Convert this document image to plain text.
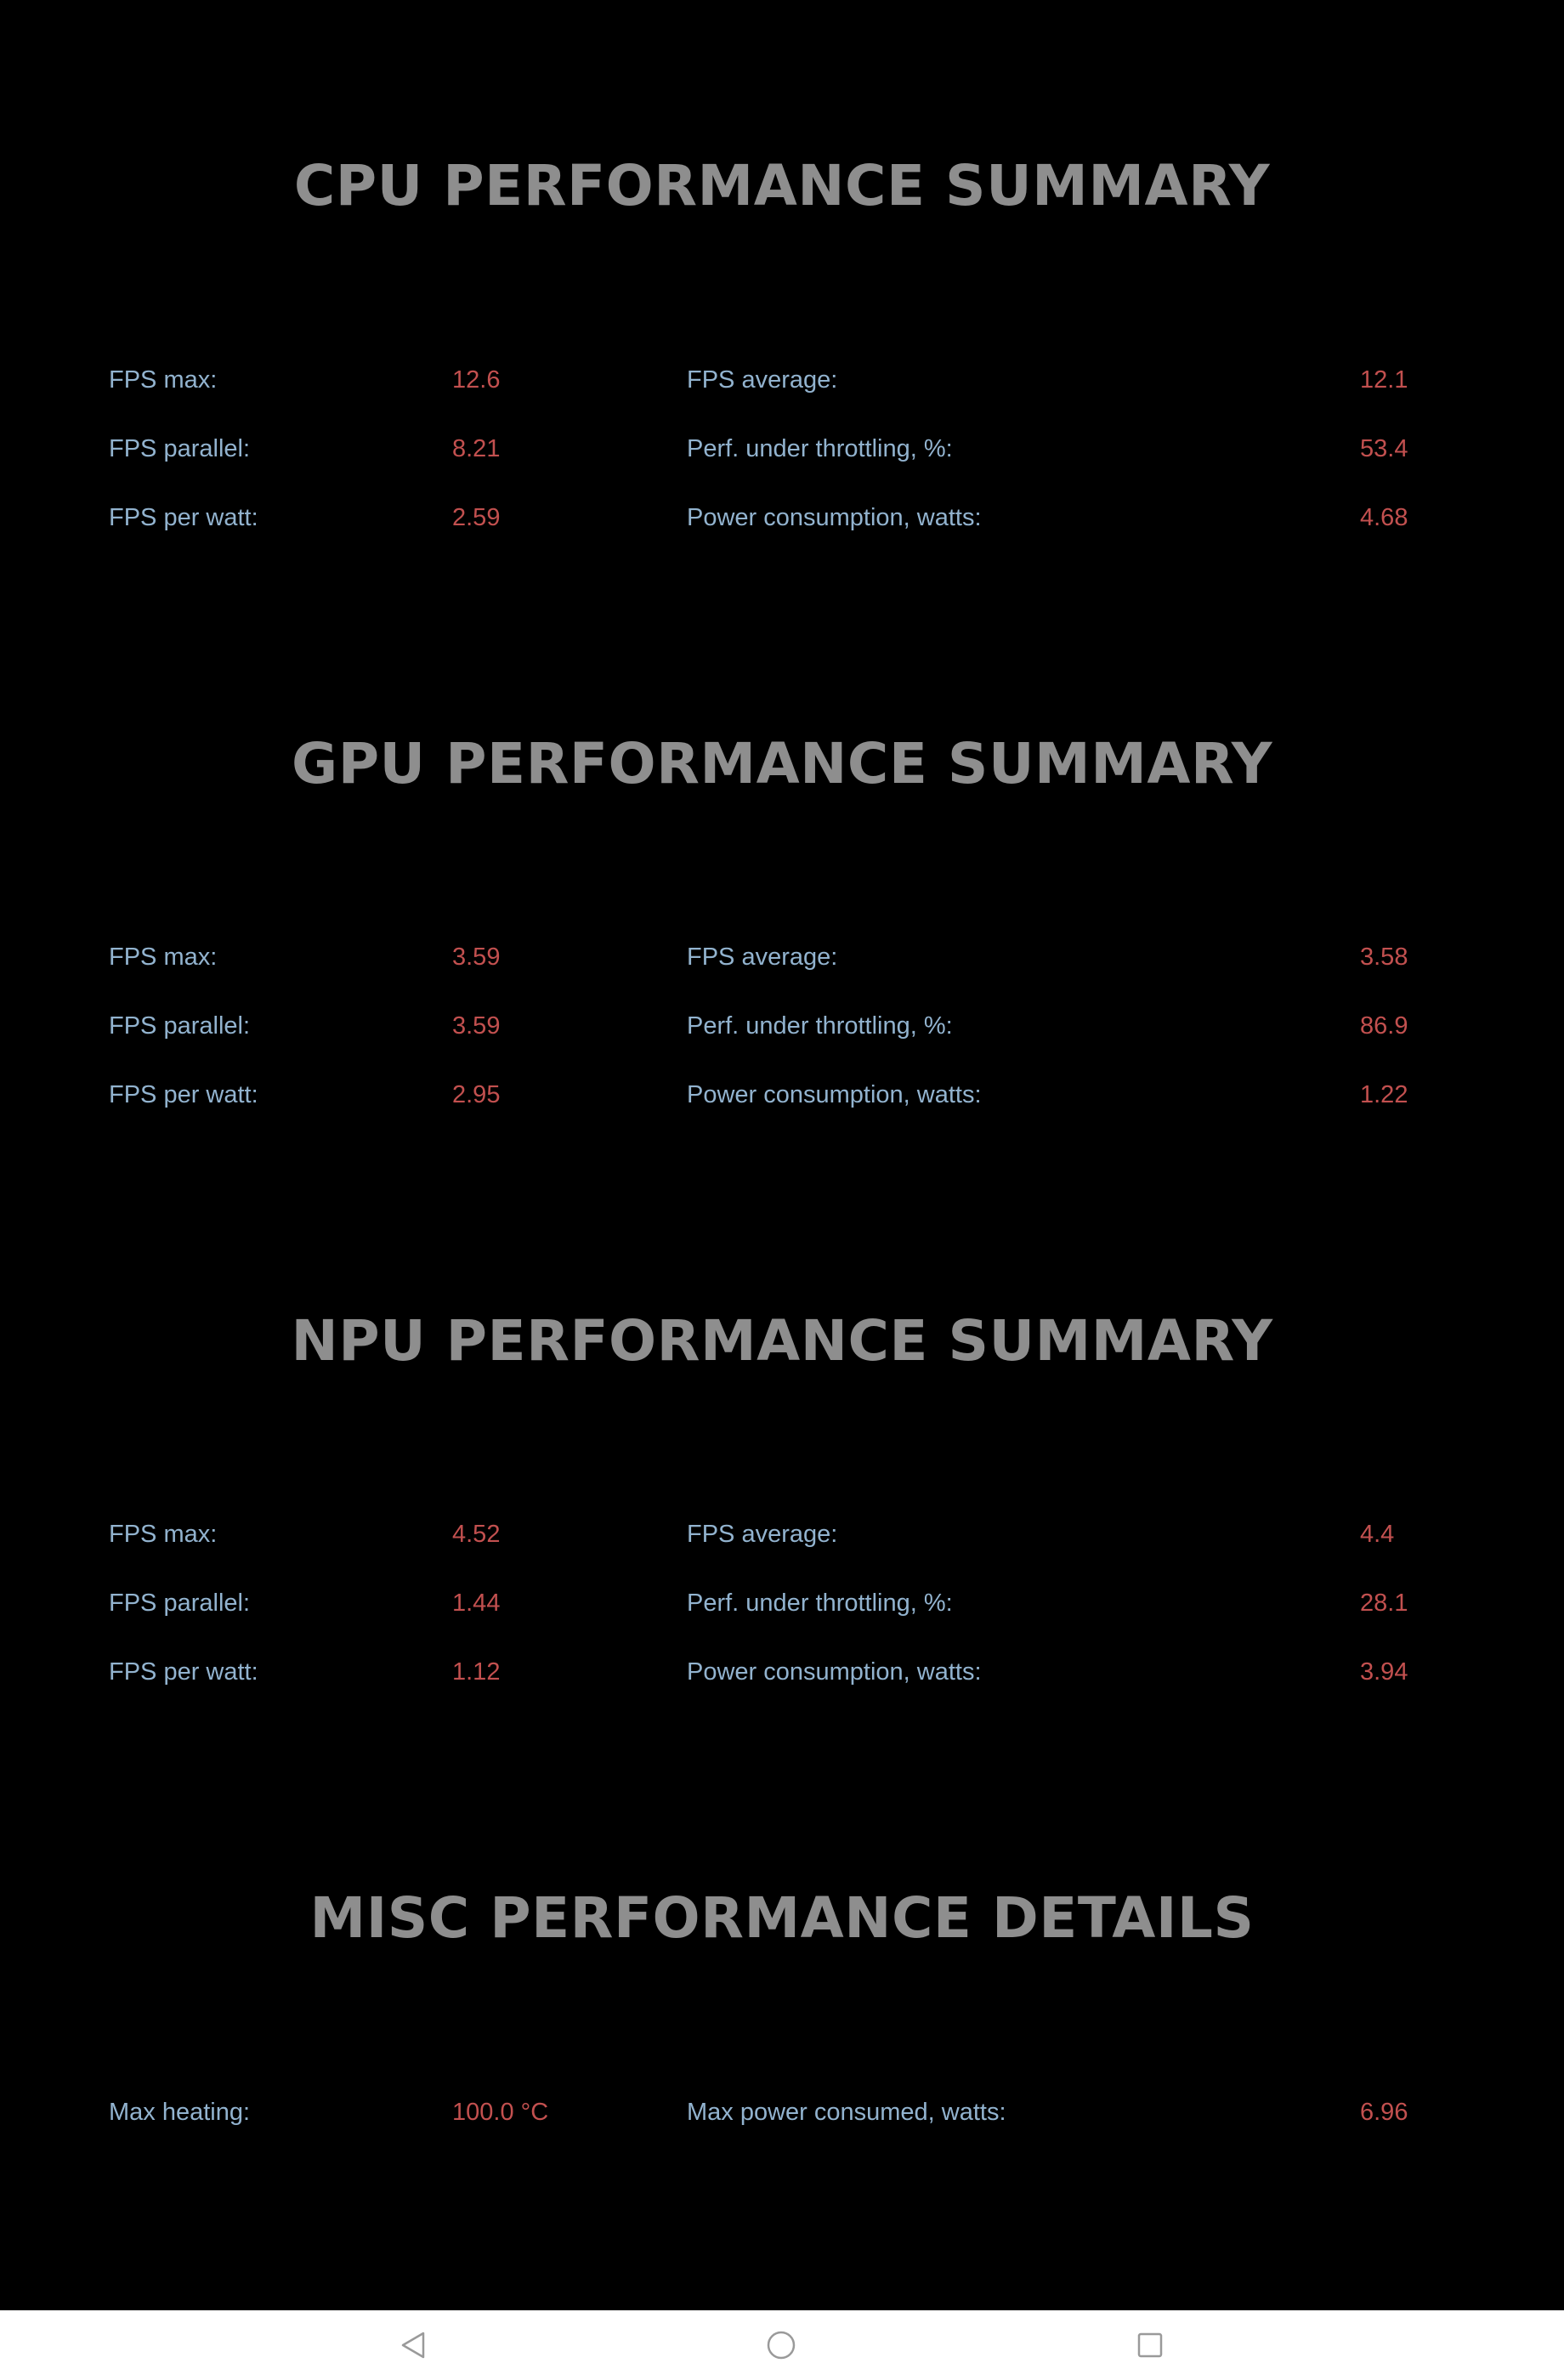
CPU PERFORMANCE SUMMARY
FPS max:	12.6	FPS average:	12.1
FPS parallel:	8.21	Perf. under throttling, %:	53.4
FPS per watt:	2.59	Power consumption, watts:	4.68
GPU PERFORMANCE SUMMARY
FPS max:	3.59	FPS average:	3.58
FPS parallel:	3.59	Perf. under throttling, %:	86.9
FPS per watt:	2.95	Power consumption, watts:	1.22
NPU PERFORMANCE SUMMARY
FPS max:	4.52	FPS average:	4.4
FPS parallel:	1.44	Perf. under throttling, %:	28.1
FPS per watt:	1.12	Power consumption, watts:	3.94
MISC PERFORMANCE DETAILS
Max heating:	100.0 °C	Max power consumed, watts:	6.96
